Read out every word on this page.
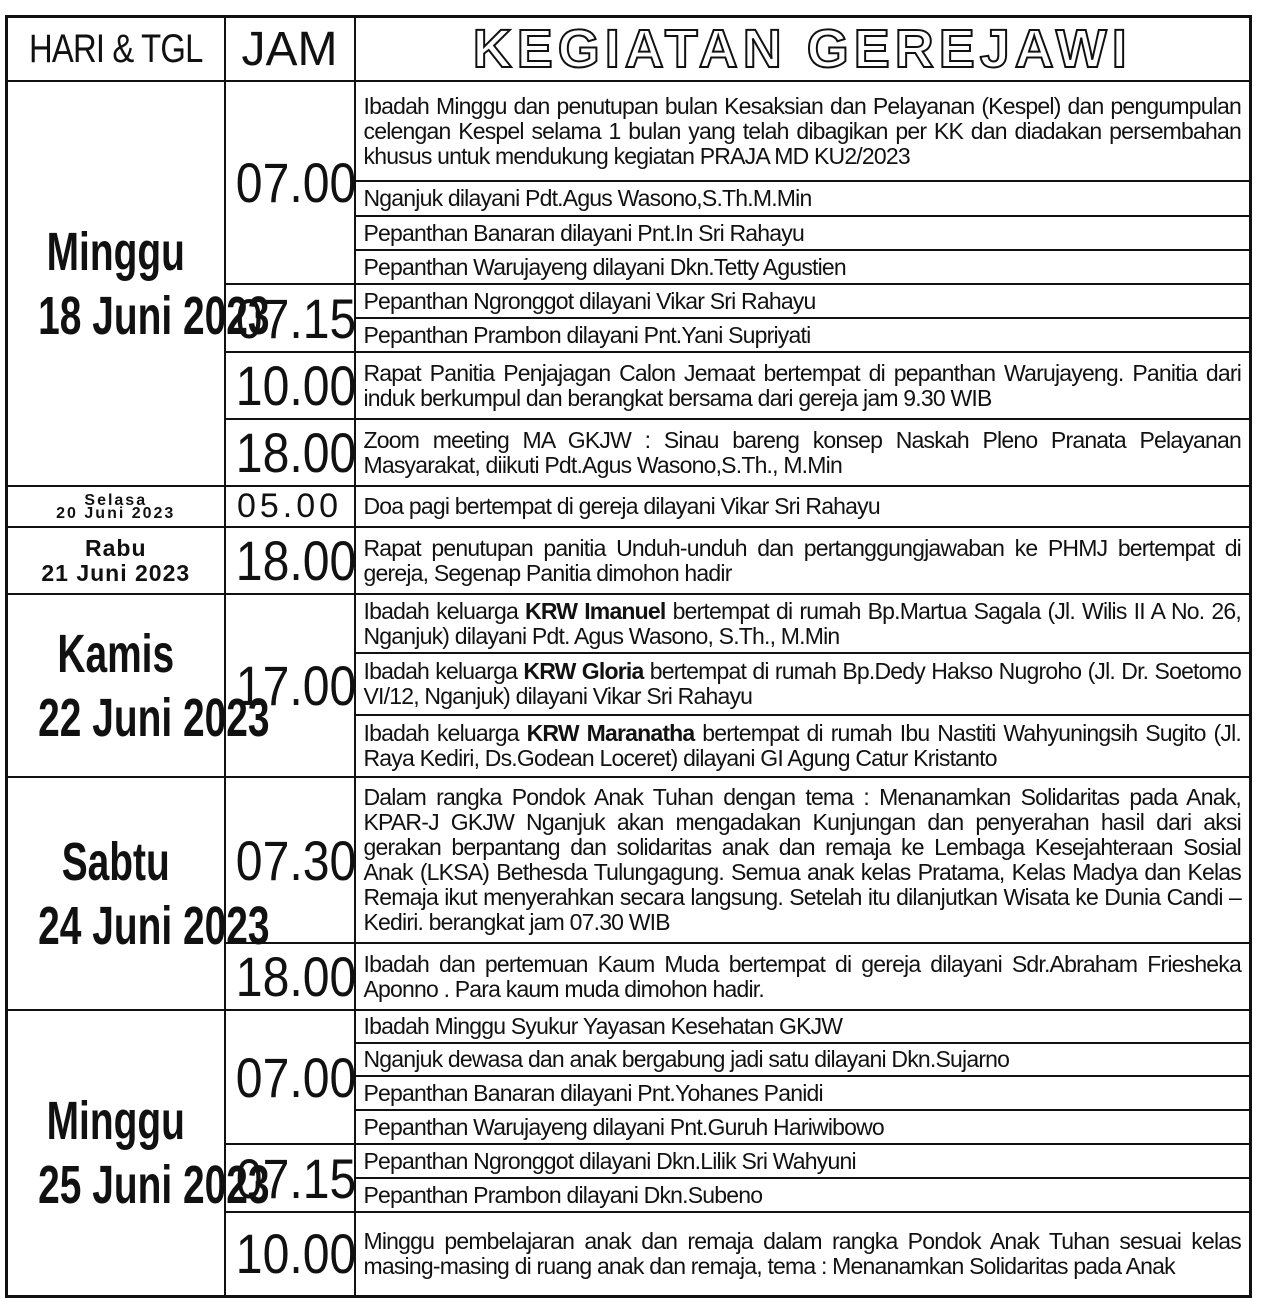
HARI & TGL	JAM	KEGIATAN GEREJAWI

Minggu
18 Juni 2023	07.00	Ibadah Minggu dan penutupan bulan Kesaksian dan Pelayanan (Kespel) dan pengumpulan celengan Kespel selama 1 bulan yang telah dibagikan per KK dan diadakan persembahan khusus untuk mendukung kegiatan PRAJA MD KU2/2023

		Nganjuk dilayani Pdt.Agus Wasono,S.Th.M.Min

		Pepanthan Banaran dilayani Pnt.In Sri Rahayu

		Pepanthan Warujayeng dilayani Dkn.Tetty Agustien

	07.15	Pepanthan Ngronggot dilayani Vikar Sri Rahayu

		Pepanthan Prambon dilayani Pnt.Yani Supriyati

	10.00	Rapat Panitia Penjajagan Calon Jemaat bertempat di pepanthan Warujayeng. Panitia dari induk berkumpul dan berangkat bersama dari gereja jam 9.30 WIB

	18.00	Zoom meeting MA GKJW : Sinau bareng konsep Naskah Pleno Pranata Pelayanan Masyarakat, diikuti Pdt.Agus Wasono,S.Th., M.Min

Selasa
20 Juni 2023	05.00	Doa pagi bertempat di gereja dilayani Vikar Sri Rahayu

Rabu
21 Juni 2023	18.00	Rapat penutupan panitia Unduh-unduh dan pertanggungjawaban ke PHMJ bertempat di gereja, Segenap Panitia dimohon hadir

Kamis
22 Juni 2023	17.00	Ibadah keluarga KRW Imanuel bertempat di rumah Bp.Martua Sagala (Jl. Wilis II A No. 26, Nganjuk) dilayani Pdt. Agus Wasono, S.Th., M.Min

		Ibadah keluarga KRW Gloria bertempat di rumah Bp.Dedy Hakso Nugroho (Jl. Dr. Soetomo VI/12, Nganjuk) dilayani Vikar Sri Rahayu

		Ibadah keluarga KRW Maranatha bertempat di rumah Ibu Nastiti Wahyuningsih Sugito (Jl. Raya Kediri, Ds.Godean Loceret) dilayani GI Agung Catur Kristanto

Sabtu
24 Juni 2023	07.30	Dalam rangka Pondok Anak Tuhan dengan tema : Menanamkan Solidaritas pada Anak, KPAR-J GKJW Nganjuk akan mengadakan Kunjungan dan penyerahan hasil dari aksi gerakan berpantang dan solidaritas anak dan remaja ke Lembaga Kesejahteraan Sosial Anak (LKSA) Bethesda Tulungagung. Semua anak kelas Pratama, Kelas Madya dan Kelas Remaja ikut menyerahkan secara langsung. Setelah itu dilanjutkan Wisata ke Dunia Candi – Kediri. berangkat jam 07.30 WIB

	18.00	Ibadah dan pertemuan Kaum Muda bertempat di gereja dilayani Sdr.Abraham Friesheka Aponno . Para kaum muda dimohon hadir.

Minggu
25 Juni 2023	07.00	Ibadah Minggu Syukur Yayasan Kesehatan GKJW

		Nganjuk dewasa dan anak bergabung jadi satu dilayani Dkn.Sujarno

		Pepanthan Banaran dilayani Pnt.Yohanes Panidi

		Pepanthan Warujayeng dilayani Pnt.Guruh Hariwibowo

	07.15	Pepanthan Ngronggot dilayani Dkn.Lilik Sri Wahyuni

		Pepanthan Prambon dilayani Dkn.Subeno

	10.00	Minggu pembelajaran anak dan remaja dalam rangka Pondok Anak Tuhan sesuai kelas masing-masing di ruang anak dan remaja, tema : Menanamkan Solidaritas pada Anak
